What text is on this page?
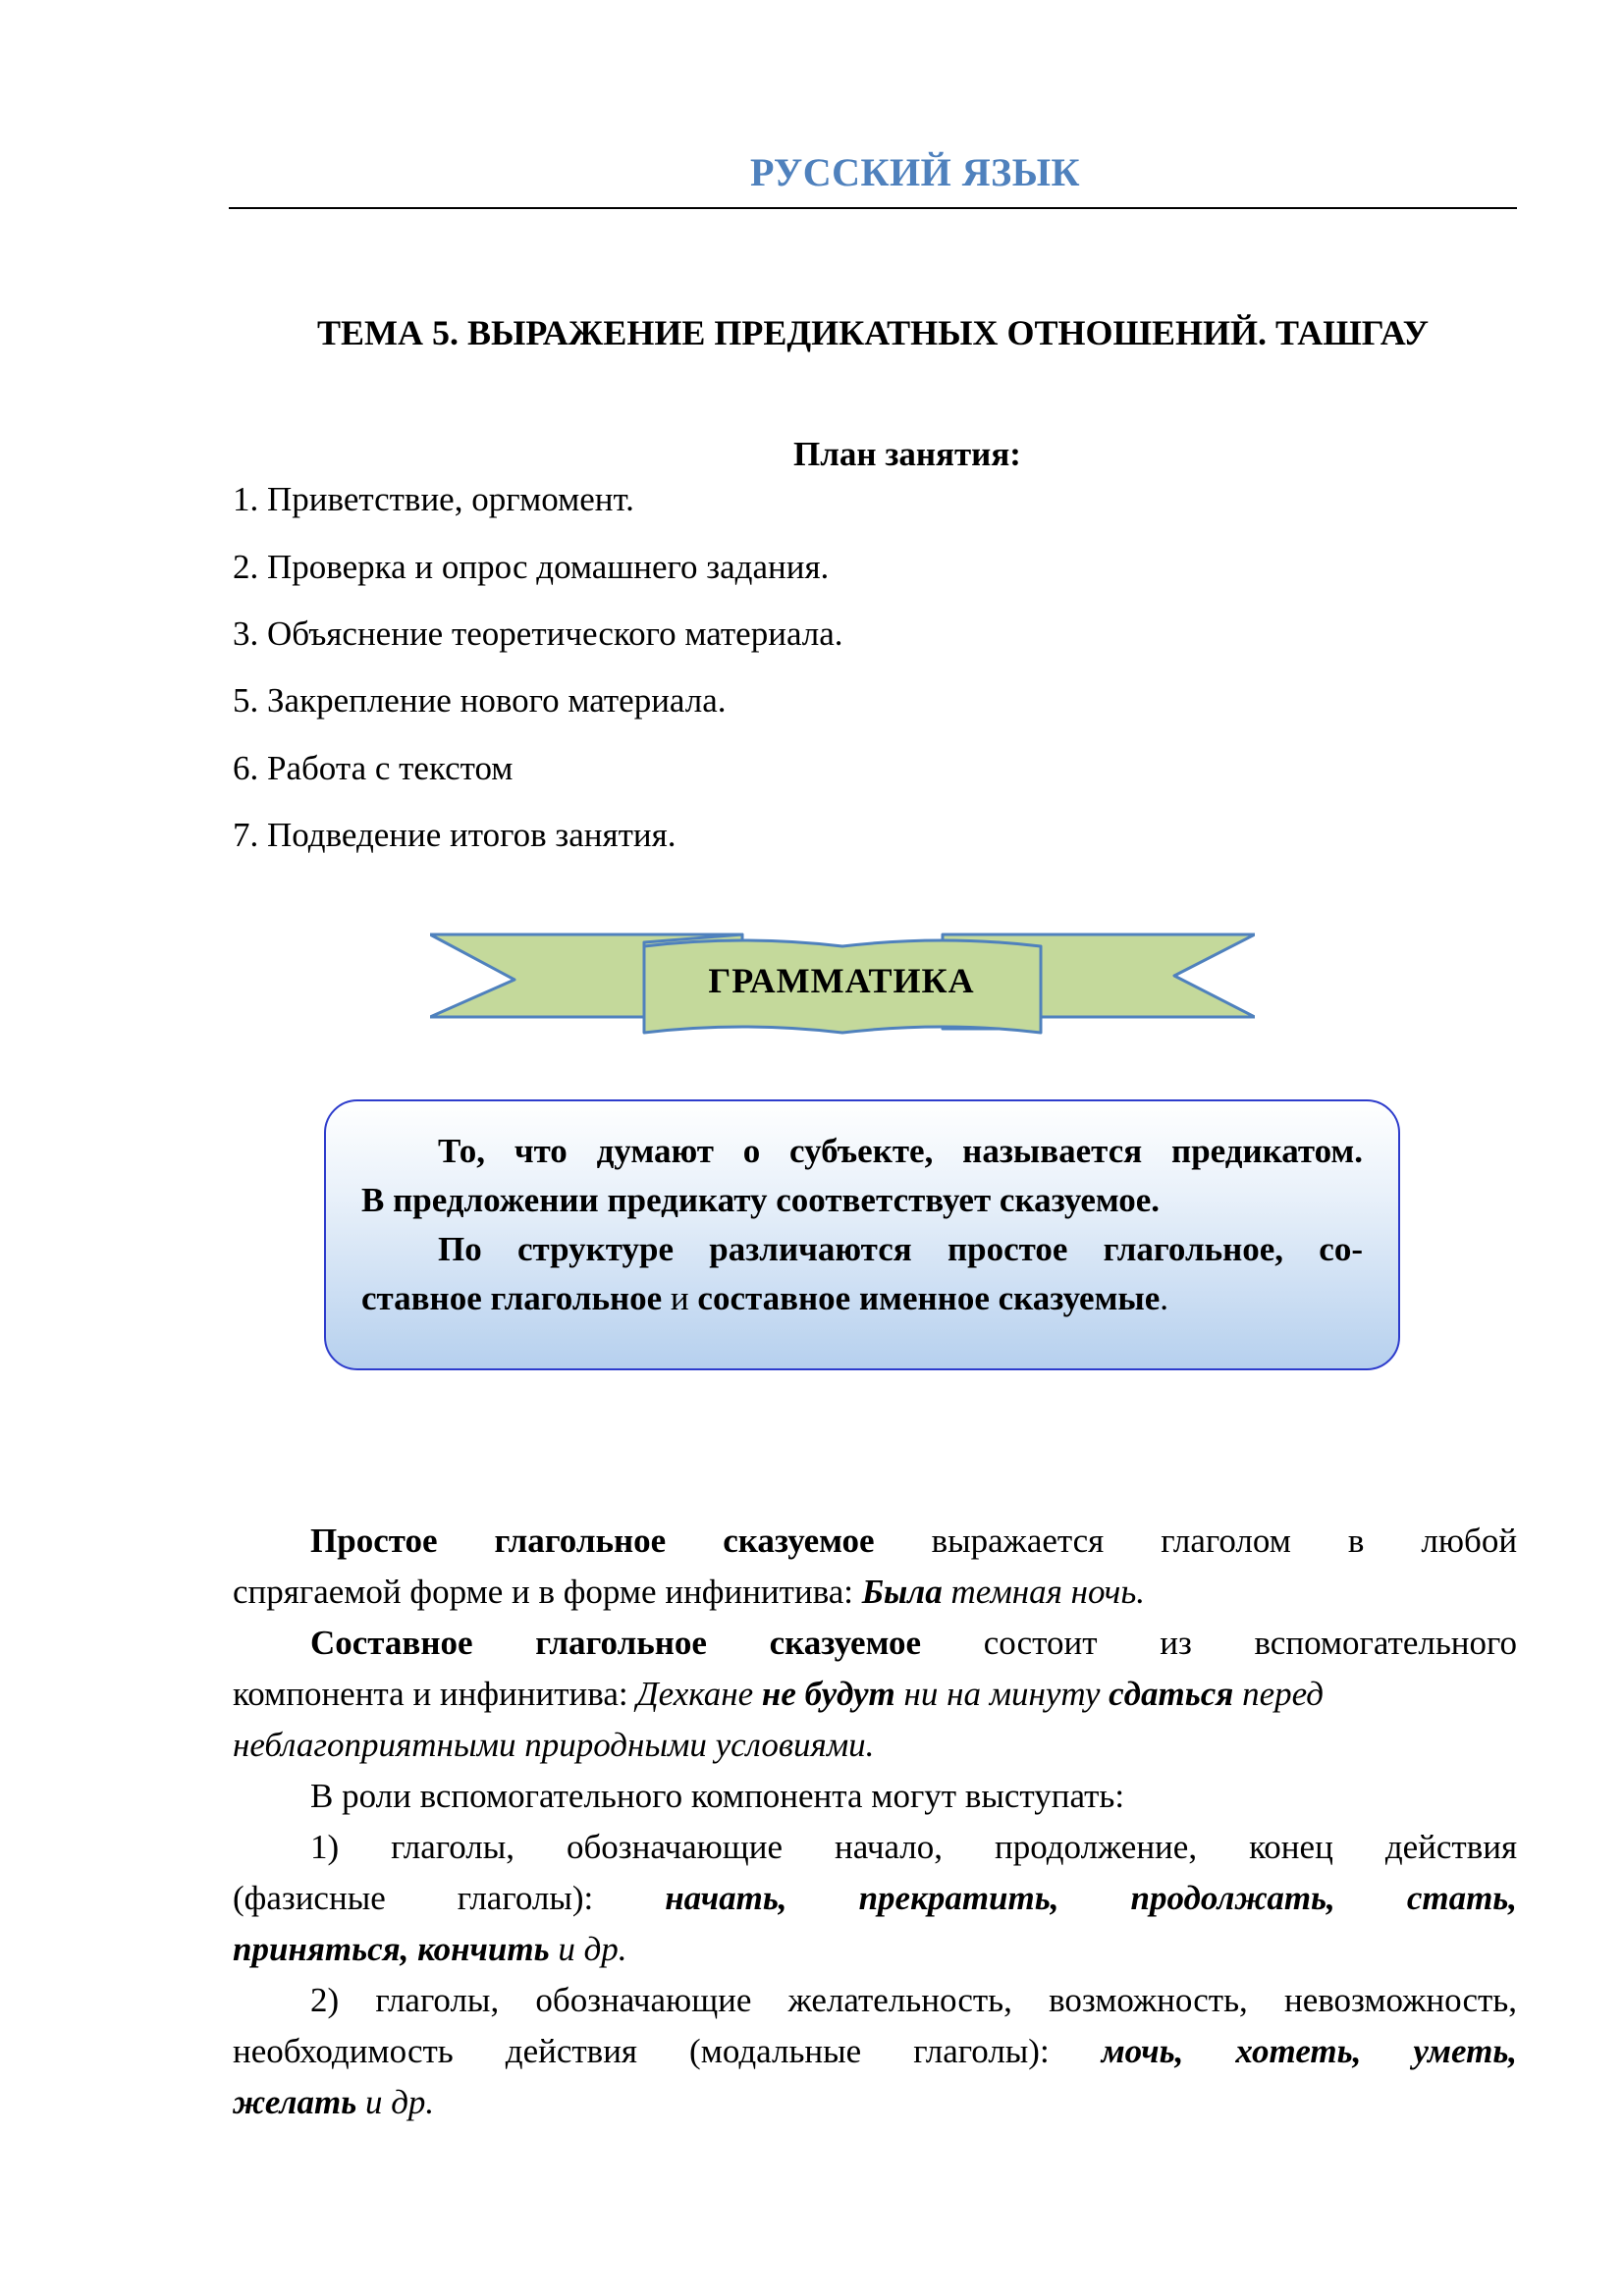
РУССКИЙ ЯЗЫК
ТЕМА 5. ВЫРАЖЕНИЕ ПРЕДИКАТНЫХ ОТНОШЕНИЙ. ТАШГАУ
План занятия:
1. Приветствие, оргмомент.
2. Проверка и опрос домашнего задания.
3. Объяснение теоретического материала.
5. Закрепление нового материала.
6. Работа с текстом
7. Подведение итогов занятия.
ГРАММАТИКА
То, что думают о субъекте, называется предикатом.
В предложении предикату соответствует сказуемое.
По структуре различаются простое глагольное, со-
ставное глагольное и составное именное сказуемые.
Простое глагольное сказуемое выражается глаголом в любой
спрягаемой форме и в форме инфинитива: Была темная ночь.
Составное глагольное сказуемое состоит из вспомогательного
компонента и инфинитива: Дехкане не будут ни на минуту сдаться перед
неблагоприятными природными условиями.
В роли вспомогательного компонента могут выступать:
1) глаголы, обозначающие начало, продолжение, конец действия
(фазисные глаголы): начать, прекратить, продолжать, стать,
приняться, кончить и др.
2) глаголы, обозначающие желательность, возможность, невозможность,
необходимость действия (модальные глаголы): мочь, хотеть, уметь,
желать и др.
